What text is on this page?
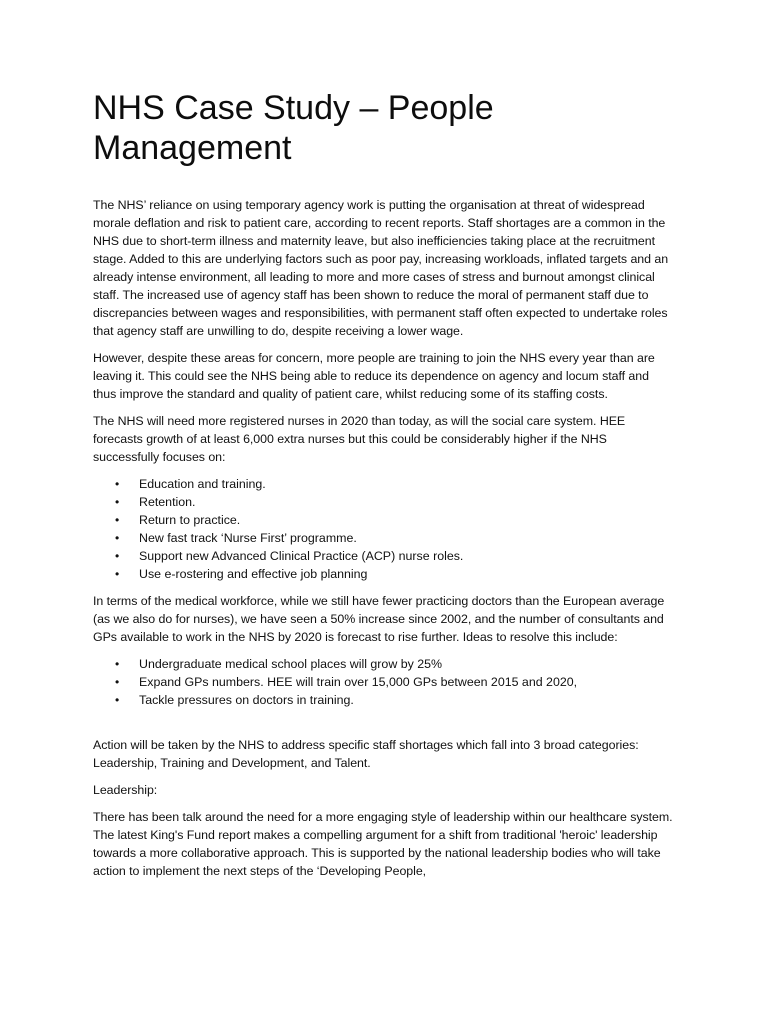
NHS Case Study – People Management

The NHS’ reliance on using temporary agency work is putting the organisation at threat of widespread morale deflation and risk to patient care, according to recent reports. Staff shortages are a common in the NHS due to short-term illness and maternity leave, but also inefficiencies taking place at the recruitment stage. Added to this are underlying factors such as poor pay, increasing workloads, inflated targets and an already intense environment, all leading to more and more cases of stress and burnout amongst clinical staff. The increased use of agency staff has been shown to reduce the moral of permanent staff due to discrepancies between wages and responsibilities, with permanent staff often expected to undertake roles that agency staff are unwilling to do, despite receiving a lower wage.

However, despite these areas for concern, more people are training to join the NHS every year than are leaving it. This could see the NHS being able to reduce its dependence on agency and locum staff and thus improve the standard and quality of patient care, whilst reducing some of its staffing costs.

The NHS will need more registered nurses in 2020 than today, as will the social care system. HEE forecasts growth of at least 6,000 extra nurses but this could be considerably higher if the NHS successfully focuses on:

• Education and training.
• Retention.
• Return to practice.
• New fast track ‘Nurse First’ programme.
• Support new Advanced Clinical Practice (ACP) nurse roles.
• Use e-rostering and effective job planning

In terms of the medical workforce, while we still have fewer practicing doctors than the European average (as we also do for nurses), we have seen a 50% increase since 2002, and the number of consultants and GPs available to work in the NHS by 2020 is forecast to rise further. Ideas to resolve this include:

• Undergraduate medical school places will grow by 25%
• Expand GPs numbers. HEE will train over 15,000 GPs between 2015 and 2020,
• Tackle pressures on doctors in training.

Action will be taken by the NHS to address specific staff shortages which fall into 3 broad categories: Leadership, Training and Development, and Talent.

Leadership:

There has been talk around the need for a more engaging style of leadership within our healthcare system. The latest King's Fund report makes a compelling argument for a shift from traditional 'heroic' leadership towards a more collaborative approach. This is supported by the national leadership bodies who will take action to implement the next steps of the ‘Developing People,
